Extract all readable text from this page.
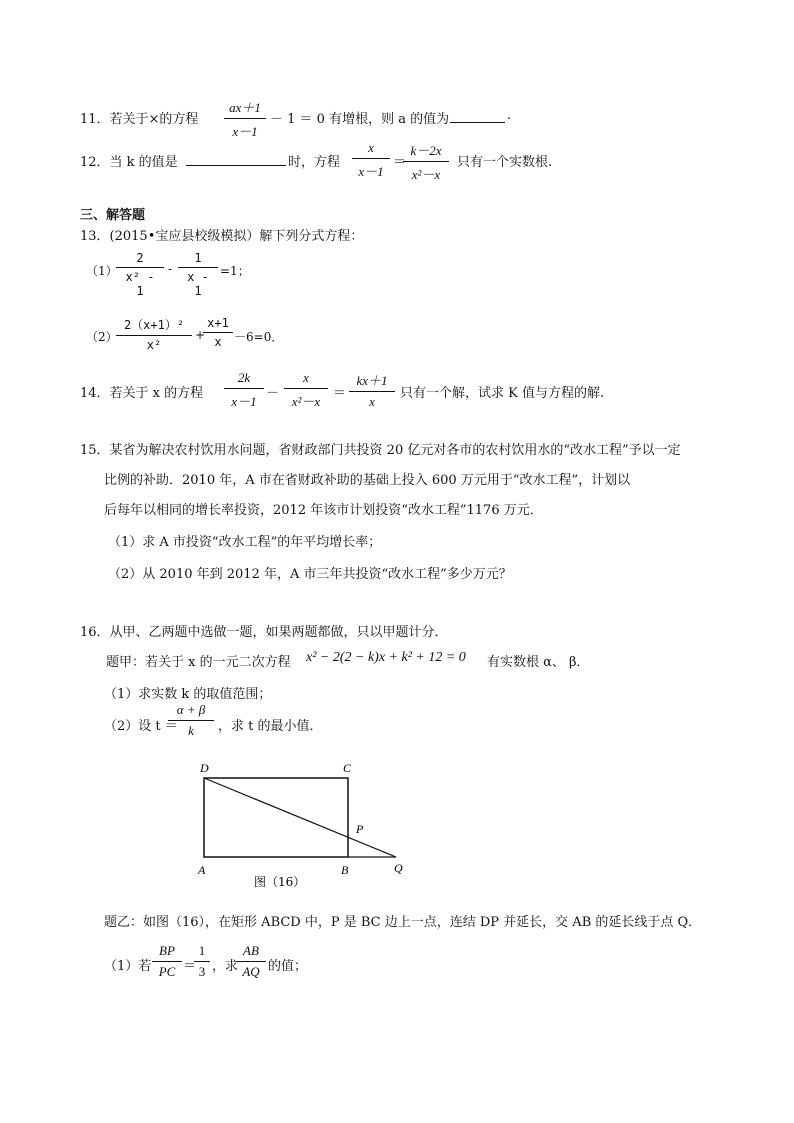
11．若关于×的方程 $\frac{ax+1}{x-1} - 1 = 0$ 有增根，则 a 的值为	.
12．当 k 的值是	时，方程 $\frac{x}{x-1}$ ＝
$\frac{k-2x}{\text{x²－x}}$ 只有一个实数根.
三、解答题
13．(2015•宝应县校级模拟）解下列分式方程：
（1）
$\frac{2}{\text{x² - 1}} - \frac{1}{x - 1} =1$；
（2）
$\frac{\text{2（x+1）²}}{\text{x²}}$ +
$\frac{x+1}{x} -6=0$．
14．若关于 x 的方程 $\frac{2k}{x-1} - \frac{x}{\text{x²－x}} = \frac{kx+1}{x}$ 只有一个解，试求 K 值与方程的解.
15．某省为解决农村饮用水问题，省财政部门共投资 20 亿元对各市的农村饮用水的“改水工程”予以一定
比例的补助．2010 年，A 市在省财政补助的基础上投入 600 万元用于“改水工程”，计划以
后每年以相同的增长率投资，2012 年该市计划投资“改水工程”1176 万元．
（1）求 A 市投资“改水工程”的年平均增长率；
（2）从 2010 年到 2012 年，A 市三年共投资“改水工程”多少万元？
16．从甲、乙两题中选做一题，如果两题都做，只以甲题计分．
题甲：若关于 x 的一元二次方程 x² − 2(2 − k)x + k² + 12 = 0 有实数根 α、 β．
（1）求实数 k 的取值范围；
（2）设 t ＝
$\frac{\alpha + \beta}{k}$ ，求 t 的最小值．
D	C
P
A	B	Q
图（16）
题乙：如图（16），在矩形 ABCD 中，P 是 BC 边上一点，连结 DP 并延长，交 AB 的延长线于点 Q．
（1）若 $\frac{BP}{PC}$ ＝
$\frac{1}{3}$ ，求
$\frac{AB}{AQ}$ 的值；
